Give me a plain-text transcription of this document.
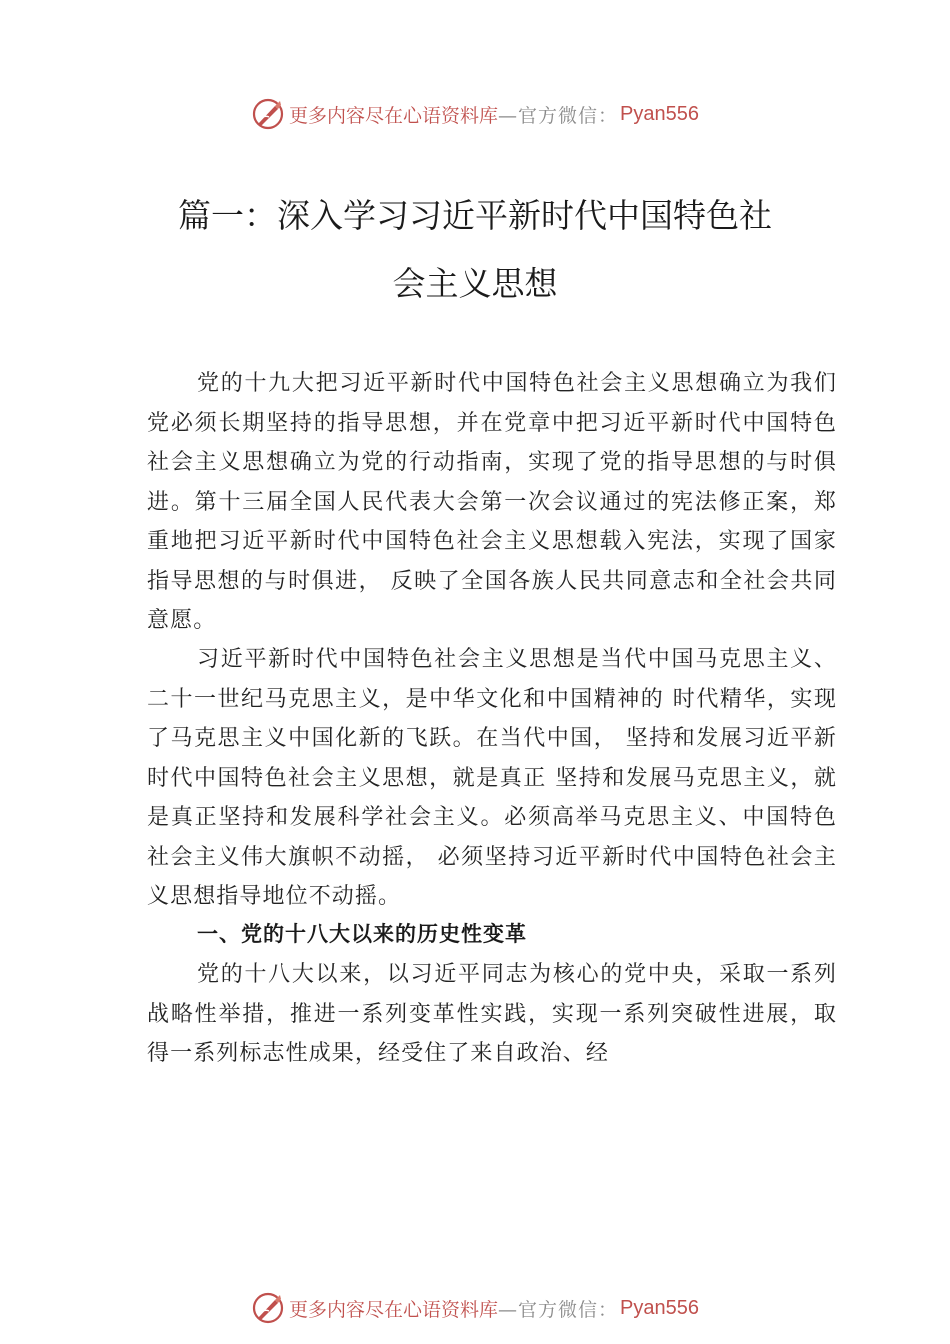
更多内容尽在心语资料库 —官方微信： Pyan556
篇一：深入学习习近平新时代中国特色社
会主义思想

党的十九大把习近平新时代中国特色社会主义思想确立为我们党必须长期坚持的指导思想，并在党章中把习近平新时代中国特色社会主义思想确立为党的行动指南，实现了党的指导思想的与时俱进。第十三届全国人民代表大会第一次会议通过的宪法修正案，郑重地把习近平新时代中国特色社会主义思想载入宪法，实现了国家指导思想的与时俱进， 反映了全国各族人民共同意志和全社会共同意愿。

习近平新时代中国特色社会主义思想是当代中国马克思主义、二十一世纪马克思主义，是中华文化和中国精神的 时代精华，实现了马克思主义中国化新的飞跃。在当代中国， 坚持和发展习近平新时代中国特色社会主义思想，就是真正 坚持和发展马克思主义，就是真正坚持和发展科学社会主义。必须高举马克思主义、中国特色社会主义伟大旗帜不动摇， 必须坚持习近平新时代中国特色社会主义思想指导地位不动摇。

一、党的十八大以来的历史性变革

党的十八大以来，以习近平同志为核心的党中央，采取一系列战略性举措，推进一系列变革性实践，实现一系列突破性进展，取得一系列标志性成果，经受住了来自政治、经

更多内容尽在心语资料库 —官方微信： Pyan556
